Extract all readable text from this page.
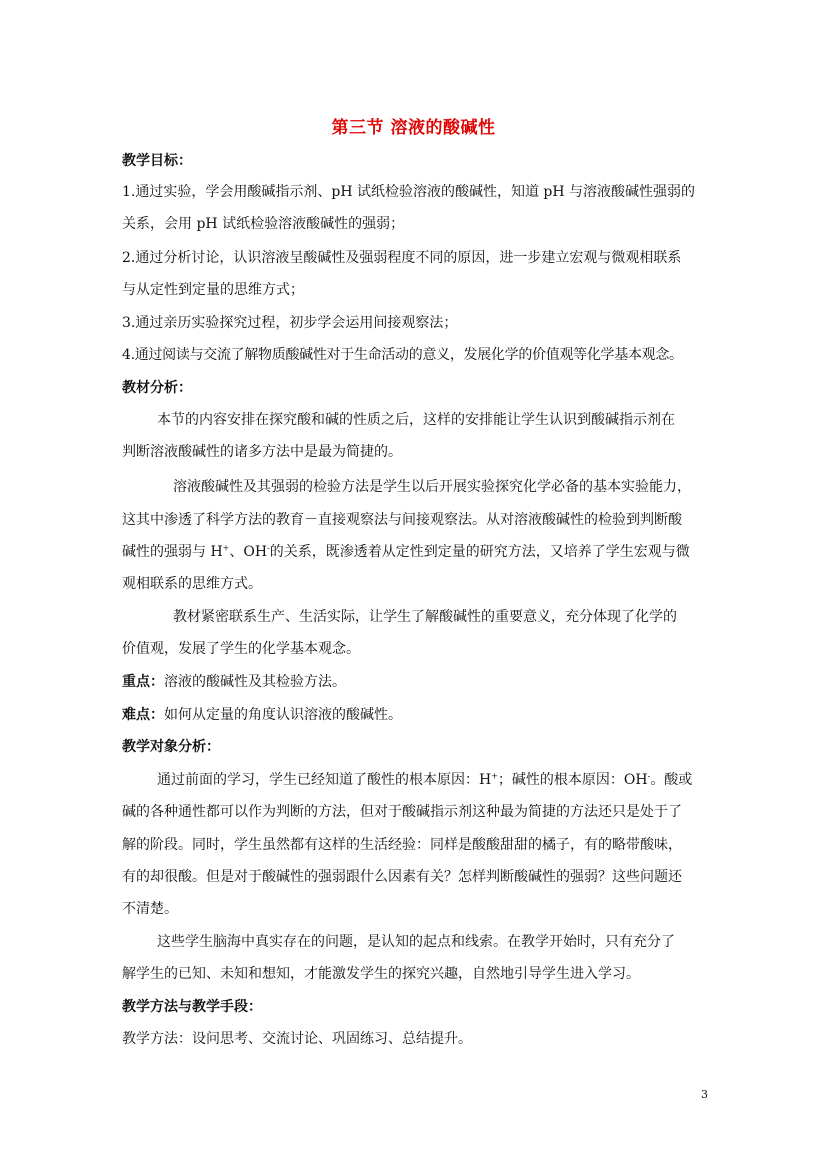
第三节 溶液的酸碱性
教学目标：
1.通过实验，学会用酸碱指示剂、pH 试纸检验溶液的酸碱性，知道 pH 与溶液酸碱性强弱的
关系，会用 pH 试纸检验溶液酸碱性的强弱；
2.通过分析讨论，认识溶液呈酸碱性及强弱程度不同的原因，进一步建立宏观与微观相联系
与从定性到定量的思维方式；
3.通过亲历实验探究过程，初步学会运用间接观察法；
4.通过阅读与交流了解物质酸碱性对于生命活动的意义，发展化学的价值观等化学基本观念。
教材分析：
本节的内容安排在探究酸和碱的性质之后，这样的安排能让学生认识到酸碱指示剂在
判断溶液酸碱性的诸多方法中是最为简捷的。
溶液酸碱性及其强弱的检验方法是学生以后开展实验探究化学必备的基本实验能力，
这其中渗透了科学方法的教育－直接观察法与间接观察法。从对溶液酸碱性的检验到判断酸
碱性的强弱与 H+、OH-的关系，既渗透着从定性到定量的研究方法，又培养了学生宏观与微
观相联系的思维方式。
教材紧密联系生产、生活实际，让学生了解酸碱性的重要意义，充分体现了化学的
价值观，发展了学生的化学基本观念。
重点：溶液的酸碱性及其检验方法。
难点：如何从定量的角度认识溶液的酸碱性。
教学对象分析：
通过前面的学习，学生已经知道了酸性的根本原因：H+；碱性的根本原因：OH-。酸或
碱的各种通性都可以作为判断的方法，但对于酸碱指示剂这种最为简捷的方法还只是处于了
解的阶段。同时，学生虽然都有这样的生活经验：同样是酸酸甜甜的橘子，有的略带酸味，
有的却很酸。但是对于酸碱性的强弱跟什么因素有关？怎样判断酸碱性的强弱？这些问题还
不清楚。
这些学生脑海中真实存在的问题，是认知的起点和线索。在教学开始时，只有充分了
解学生的已知、未知和想知，才能激发学生的探究兴趣，自然地引导学生进入学习。
教学方法与教学手段：
教学方法：设问思考、交流讨论、巩固练习、总结提升。
3
